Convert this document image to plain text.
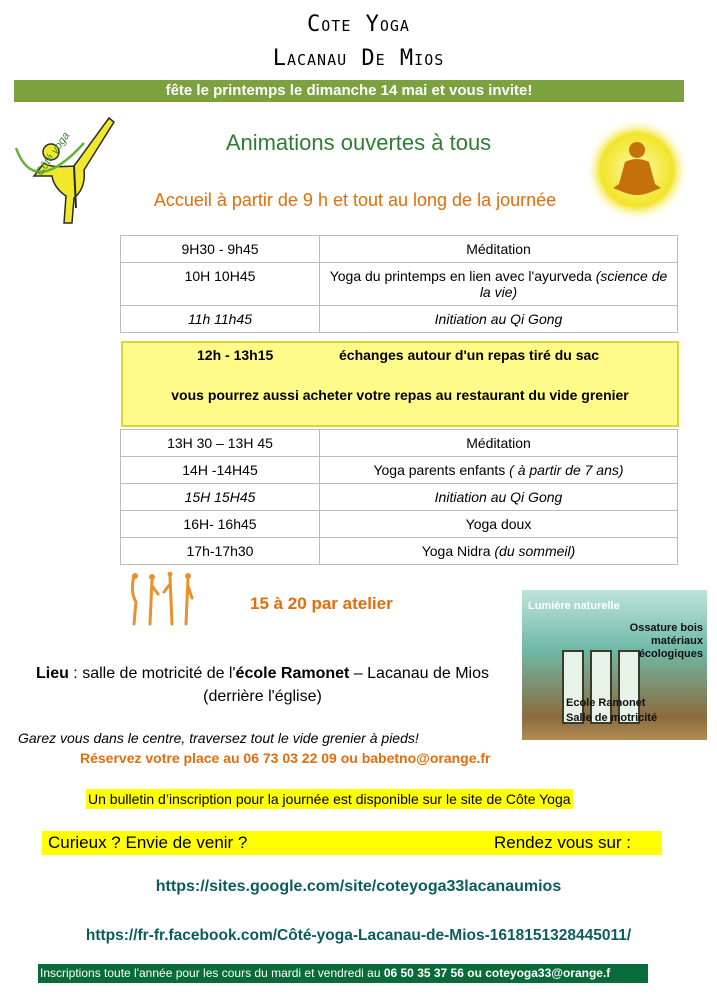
Cote Yoga
Lacanau De Mios
fête le printemps le dimanche 14 mai et vous invite!
Côté yoga	Animations ouvertes à tous
Accueil à partir de 9 h et tout au long de la journée
9H30 - 9h45	Méditation
10H 10H45	Yoga du printemps en lien avec l'ayurveda (science de la vie)
11h 11h45	Initiation au Qi Gong
12h - 13h15	échanges autour d'un repas tiré du sac
vous pourrez aussi acheter votre repas au restaurant du vide grenier
13H 30 – 13H 45	Méditation
14H -14H45	Yoga parents enfants ( à partir de 7 ans)
15H 15H45	Initiation au Qi Gong
16H- 16h45	Yoga doux
17h-17h30	Yoga Nidra (du sommeil)
15 à 20 par atelier	Lumière naturelle
Ossature bois matériaux écologiques
Ecole Ramonet
Salle de motricité
Lieu : salle de motricité de l'école Ramonet – Lacanau de Mios
(derrière l'église)
Garez vous dans le centre, traversez tout le vide grenier à pieds!
Réservez votre place au 06 73 03 22 09 ou babetno@orange.fr
Un bulletin d’inscription pour la journée est disponible sur le site de Côte Yoga
Curieux ? Envie de venir ?	Rendez vous sur :
https://sites.google.com/site/coteyoga33lacanaumios
https://fr-fr.facebook.com/Côté-yoga-Lacanau-de-Mios-1618151328445011/
Inscriptions toute l'année pour les cours du mardi et vendredi au 06 50 35 37 56 ou coteyoga33@orange.f
